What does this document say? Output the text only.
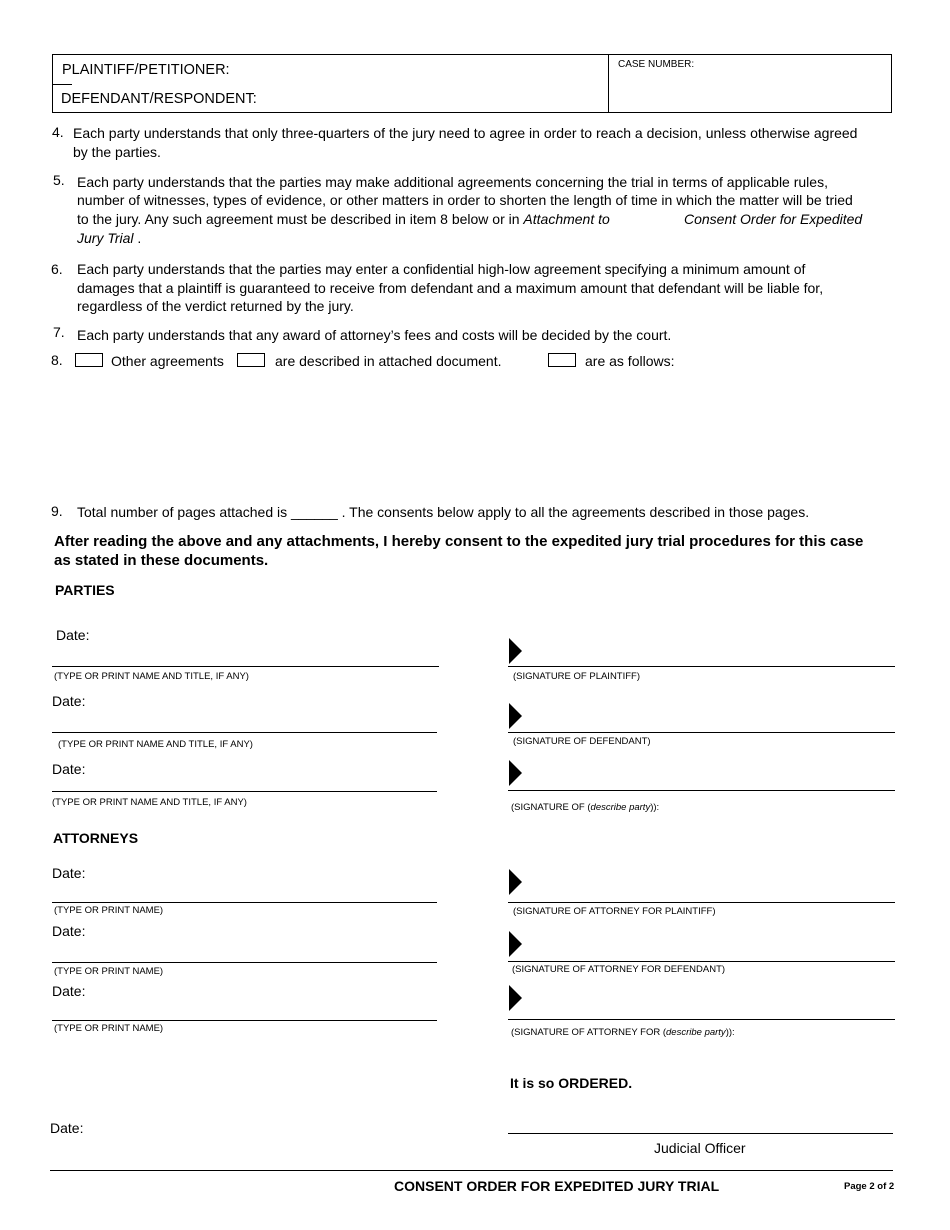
PLAINTIFF/PETITIONER:
DEFENDANT/RESPONDENT:
CASE NUMBER:
4. Each party understands that only three-quarters of the jury need to agree in order to reach a decision, unless otherwise agreed
by the parties.
5. Each party understands that the parties may make additional agreements concerning the trial in terms of applicable rules,
number of witnesses, types of evidence, or other matters in order to shorten the length of time in which the matter will be tried
to the jury. Any such agreement must be described in item 8 below or in Attachment to	Consent Order for Expedited
Jury Trial .
6. Each party understands that the parties may enter a confidential high-low agreement specifying a minimum amount of
damages that a plaintiff is guaranteed to receive from defendant and a maximum amount that defendant will be liable for,
regardless of the verdict returned by the jury.
7. Each party understands that any award of attorney’s fees and costs will be decided by the court.
8.	Other agreements	are described in attached document.	are as follows:
9. Total number of pages attached is ______ . The consents below apply to all the agreements described in those pages.
After reading the above and any attachments, I hereby consent to the expedited jury trial procedures for this case
as stated in these documents.
PARTIES
Date:
(TYPE OR PRINT NAME AND TITLE, IF ANY)	(SIGNATURE OF PLAINTIFF)
Date:
(TYPE OR PRINT NAME AND TITLE, IF ANY)	(SIGNATURE OF DEFENDANT)
Date:
(TYPE OR PRINT NAME AND TITLE, IF ANY)	(SIGNATURE OF (describe party)):
ATTORNEYS
Date:
(TYPE OR PRINT NAME)	(SIGNATURE OF ATTORNEY FOR PLAINTIFF)
Date:
(TYPE OR PRINT NAME)	(SIGNATURE OF ATTORNEY FOR DEFENDANT)
Date:
(TYPE OR PRINT NAME)	(SIGNATURE OF ATTORNEY FOR (describe party)):
It is so ORDERED.
Date:
Judicial Officer
CONSENT ORDER FOR EXPEDITED JURY TRIAL	Page 2 of 2
